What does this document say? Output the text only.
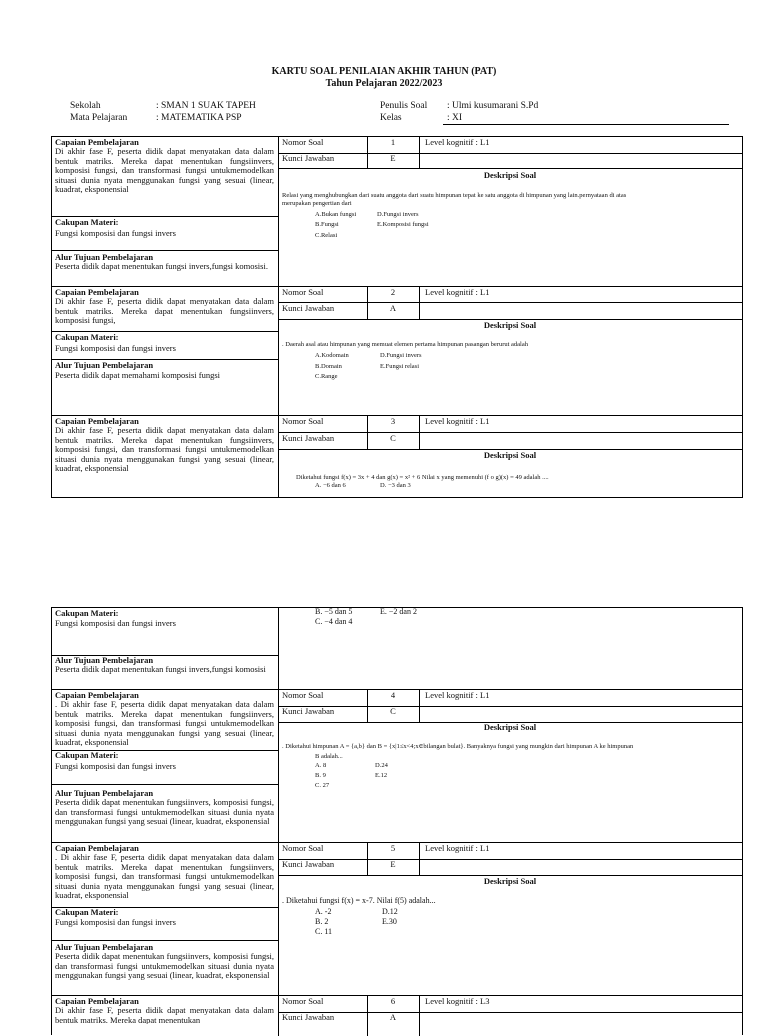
KARTU SOAL PENILAIAN AKHIR TAHUN (PAT)
Tahun Pelajaran 2022/2023
Sekolah	: SMAN 1 SUAK TAPEH
Mata Pelajaran	: MATEMATIKA PSP
Penulis Soal : Ulmi kusumarani S.Pd
Kelas	: XI
Capaian Pembelajaran
Di akhir fase F, peserta didik dapat menyatakan data dalam bentuk matriks. Mereka dapat menentukan fungsiinvers, komposisi fungsi, dan transformasi fungsi untukmemodelkan situasi dunia nyata menggunakan fungsi yang sesuai (linear, kuadrat, eksponensial
Cakupan Materi:
Fungsi komposisi dan fungsi invers
Alur Tujuan Pembelajaran
Peserta didik dapat menentukan fungsi invers,fungsi komosisi.
Nomor Soal	1	Level kognitif : L1
Kunci Jawaban	E
Deskripsi Soal
Relasi yang menghubungkan dari suatu anggota dari suatu himpunan tepat ke satu anggota di himpunan yang lain.pernyataan di atas
merupakan pengertian dari
A.Bukan fungsi	D.Fungsi invers
B.Fungsi	E.Komposisi fungsi
C.Relasi
Capaian Pembelajaran
Di akhir fase F, peserta didik dapat menyatakan data dalam bentuk matriks. Mereka dapat menentukan fungsiinvers, komposisi fungsi,
Cakupan Materi:
Fungsi komposisi dan fungsi invers
Alur Tujuan Pembelajaran
Peserta didik dapat memahami komposisi fungsi
Nomor Soal	2	Level kognitif : L1
Kunci Jawaban	A
Deskripsi Soal
. Daerah asal atau himpunan yang memuat elemen pertama himpunan pasangan berurut adalah
A.Kodomain	D.Fungsi invers
B.Domain	E.Fungsi relasi
C.Range
Capaian Pembelajaran
Di akhir fase F, peserta didik dapat menyatakan data dalam bentuk matriks. Mereka dapat menentukan fungsiinvers, komposisi fungsi, dan transformasi fungsi untukmemodelkan situasi dunia nyata menggunakan fungsi yang sesuai (linear, kuadrat, eksponensial
Nomor Soal	3	Level kognitif : L1
Kunci Jawaban	C
Deskripsi Soal
Diketahui fungsi f(x) = 3x + 4 dan g(x) = x² + 6 Nilai x yang memenuhi (f o g)(x) = 49 adalah ....
A. −6 dan 6	D. −3 dan 3
B. −5 dan 5	E. −2 dan 2
C. −4 dan 4
Cakupan Materi:
Fungsi komposisi dan fungsi invers
Alur Tujuan Pembelajaran
Peserta didik dapat menentukan fungsi invers,fungsi komosisi
Capaian Pembelajaran
. Di akhir fase F, peserta didik dapat menyatakan data dalam bentuk matriks. Mereka dapat menentukan fungsiinvers, komposisi fungsi, dan transformasi fungsi untukmemodelkan situasi dunia nyata menggunakan fungsi yang sesuai (linear, kuadrat, eksponensial
Cakupan Materi:
Fungsi komposisi dan fungsi invers
Alur Tujuan Pembelajaran
Peserta didik dapat menentukan fungsiinvers, komposisi fungsi, dan transformasi fungsi untukmemodelkan situasi dunia nyata menggunakan fungsi yang sesuai (linear, kuadrat, eksponensial
Nomor Soal	4	Level kognitif : L1
Kunci Jawaban	C
Deskripsi Soal
. Diketahui himpunan A = {a,b} dan B = {x|1≤x<4;x∈bilangan bulat}. Banyaknya fungsi yang mungkin dari himpunan A ke himpunan
B adalah...
A. 8	D.24
B. 9	E.12
C. 27
Capaian Pembelajaran
. Di akhir fase F, peserta didik dapat menyatakan data dalam bentuk matriks. Mereka dapat menentukan fungsiinvers, komposisi fungsi, dan transformasi fungsi untukmemodelkan situasi dunia nyata menggunakan fungsi yang sesuai (linear, kuadrat, eksponensial
Cakupan Materi:
Fungsi komposisi dan fungsi invers
Alur Tujuan Pembelajaran
Peserta didik dapat menentukan fungsiinvers, komposisi fungsi, dan transformasi fungsi untukmemodelkan situasi dunia nyata menggunakan fungsi yang sesuai (linear, kuadrat, eksponensial
Nomor Soal	5	Level kognitif : L1
Kunci Jawaban	E
Deskripsi Soal
. Diketahui fungsi f(x) = x-7. Nilai f(5) adalah...
A. -2	D.12
B. 2	E.30
C. 11
Capaian Pembelajaran
Di akhir fase F, peserta didik dapat menyatakan data dalam bentuk matriks. Mereka dapat menentukan
Nomor Soal	6	Level kognitif : L3
Kunci Jawaban	A
